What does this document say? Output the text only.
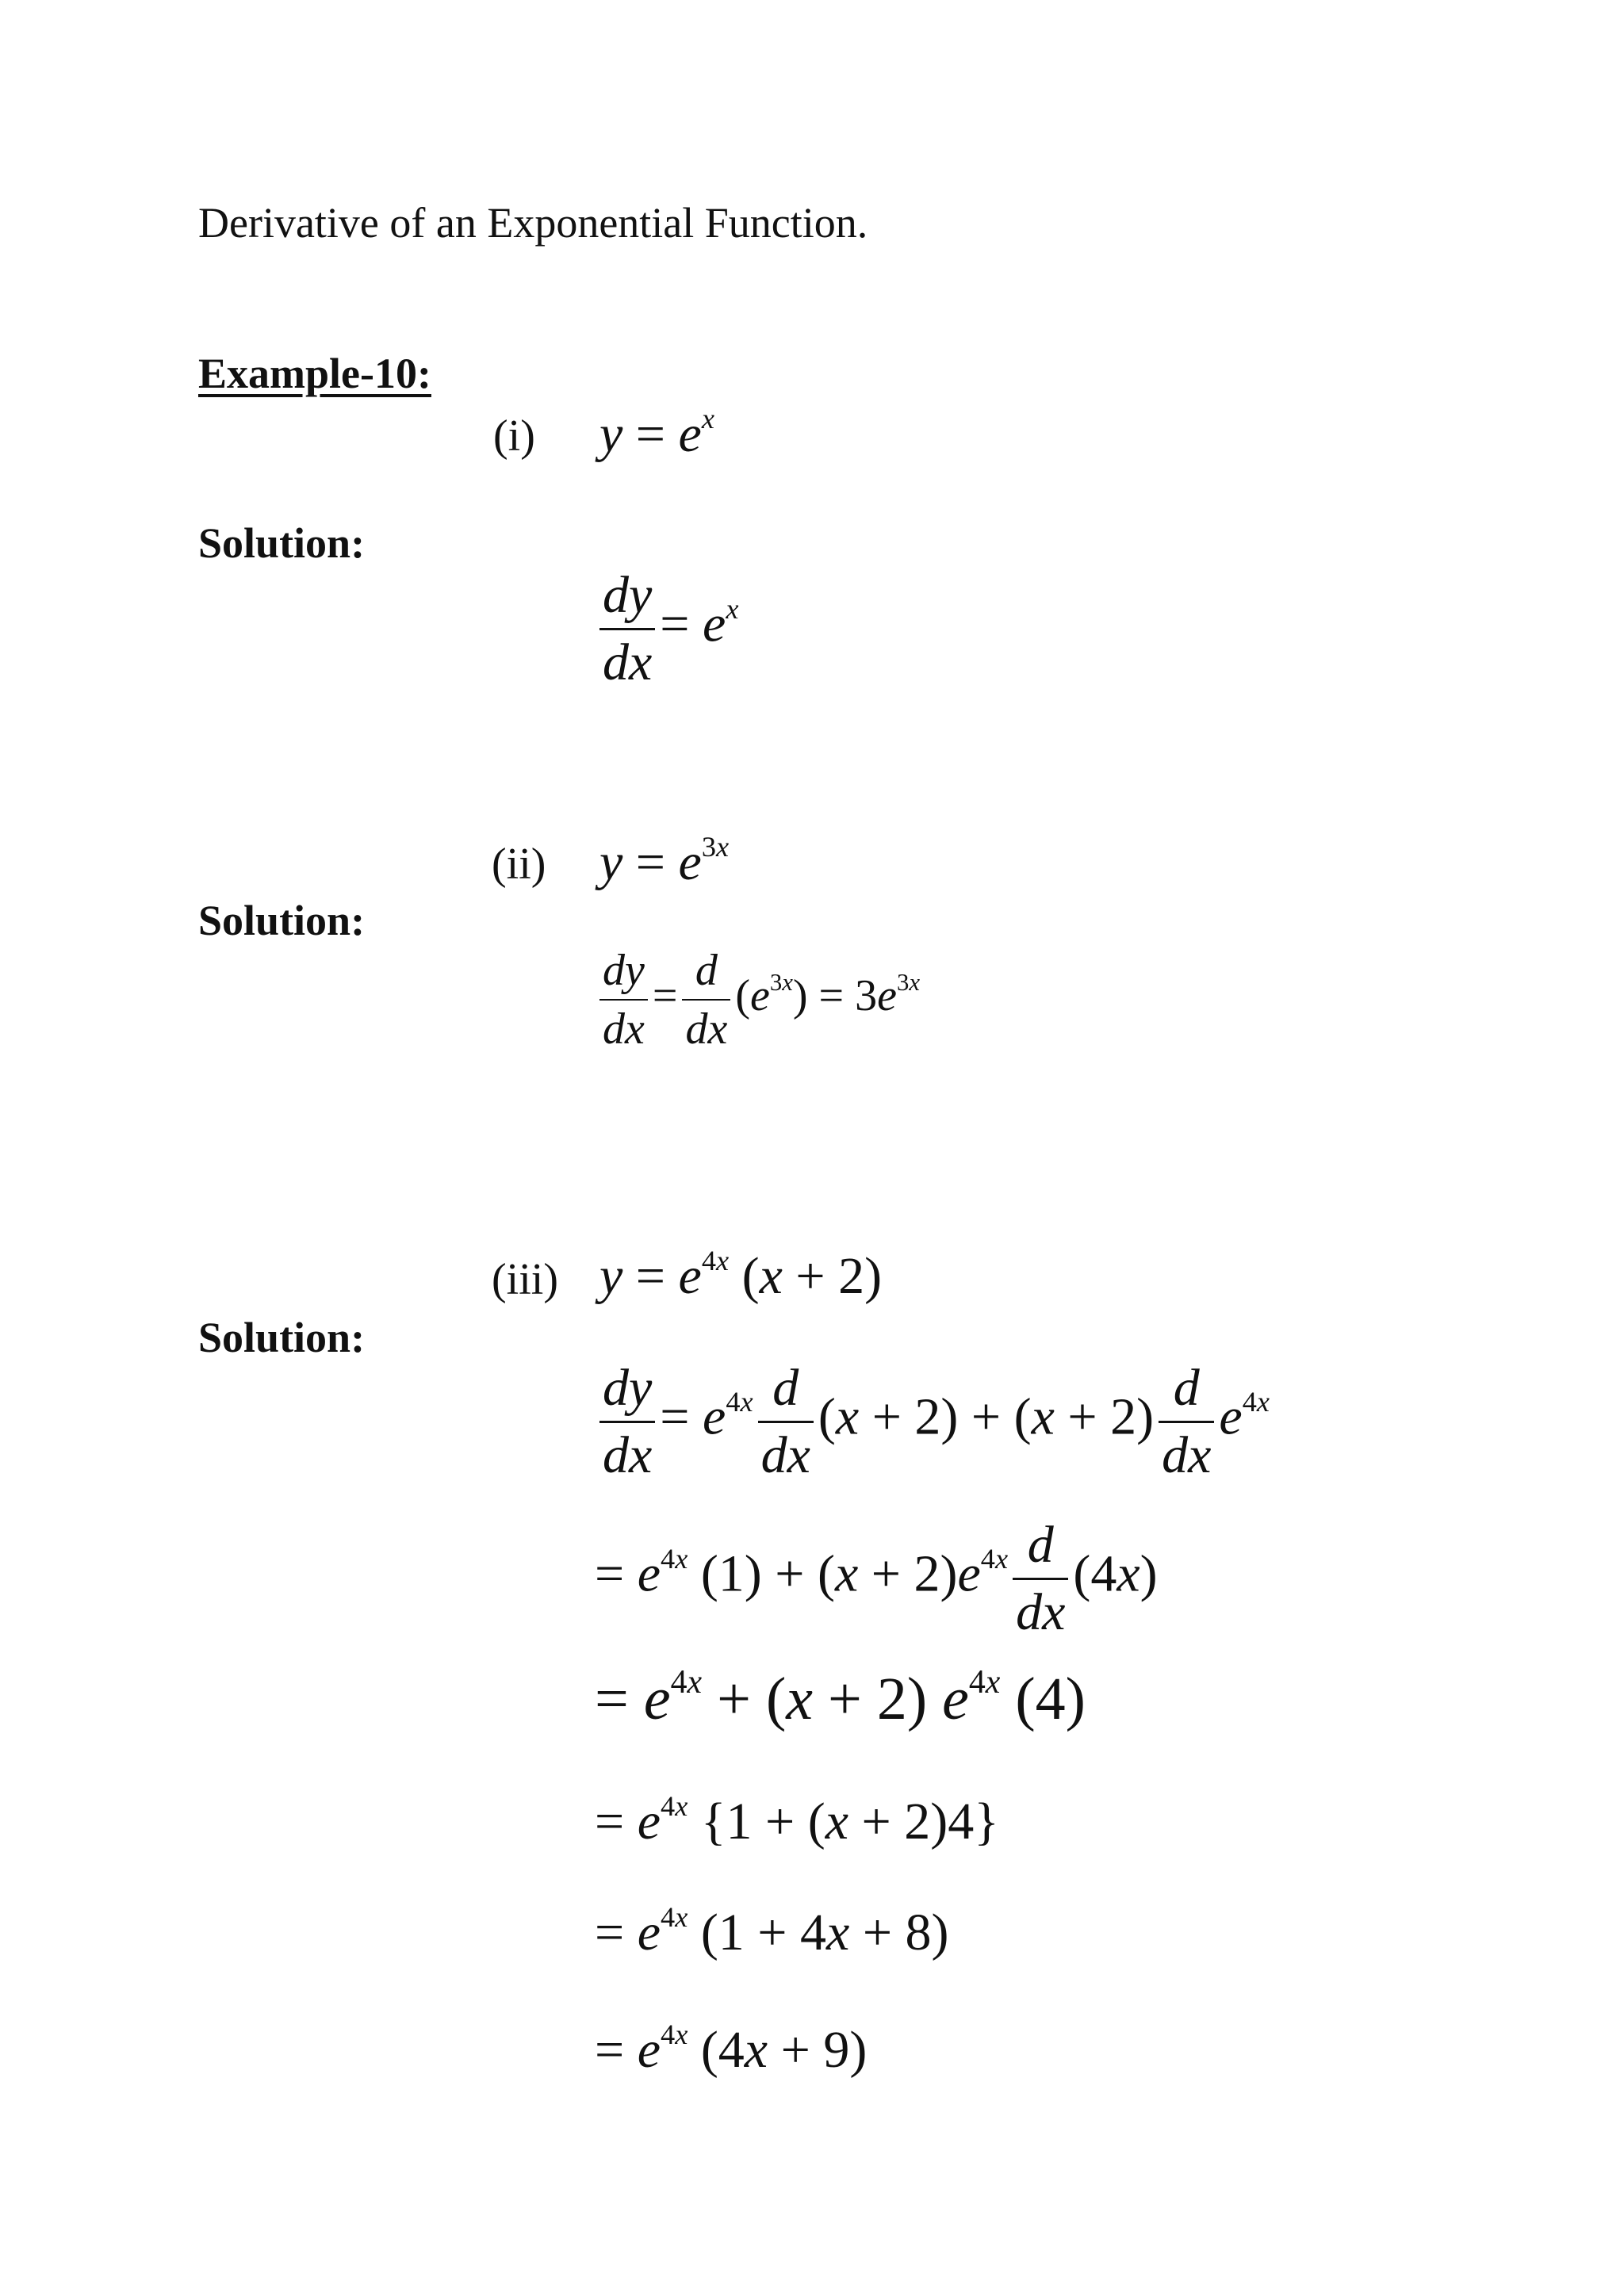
Derivative of an Exponential Function.
Example-10:
(i) $y = e^x$
Solution:
$\frac{dy}{dx} = e^x$
(ii) $y = e^{3x}$
Solution:
$\frac{dy}{dx} = \frac{d}{dx} (e^{3x}) = 3e^{3x}$
(iii) $y = e^{4x}$ (x + 2)
Solution:
$\frac{dy}{dx} = e^{4x} \frac{d}{dx} (x + 2) + (x + 2) \frac{d}{dx} e^{4x}$
= $e^{4x}$ $(1) + (x + 2)e^{4x} \frac{d}{dx} (4x)$
= $e^{4x} + (x + 2)$ $e^{4x}$ (4)
= $e^{4x}$ {1 + (x + 2)4}
= $e^{4x}$ (1 + 4x + 8)
= $e^{4x}$ (4x + 9)
